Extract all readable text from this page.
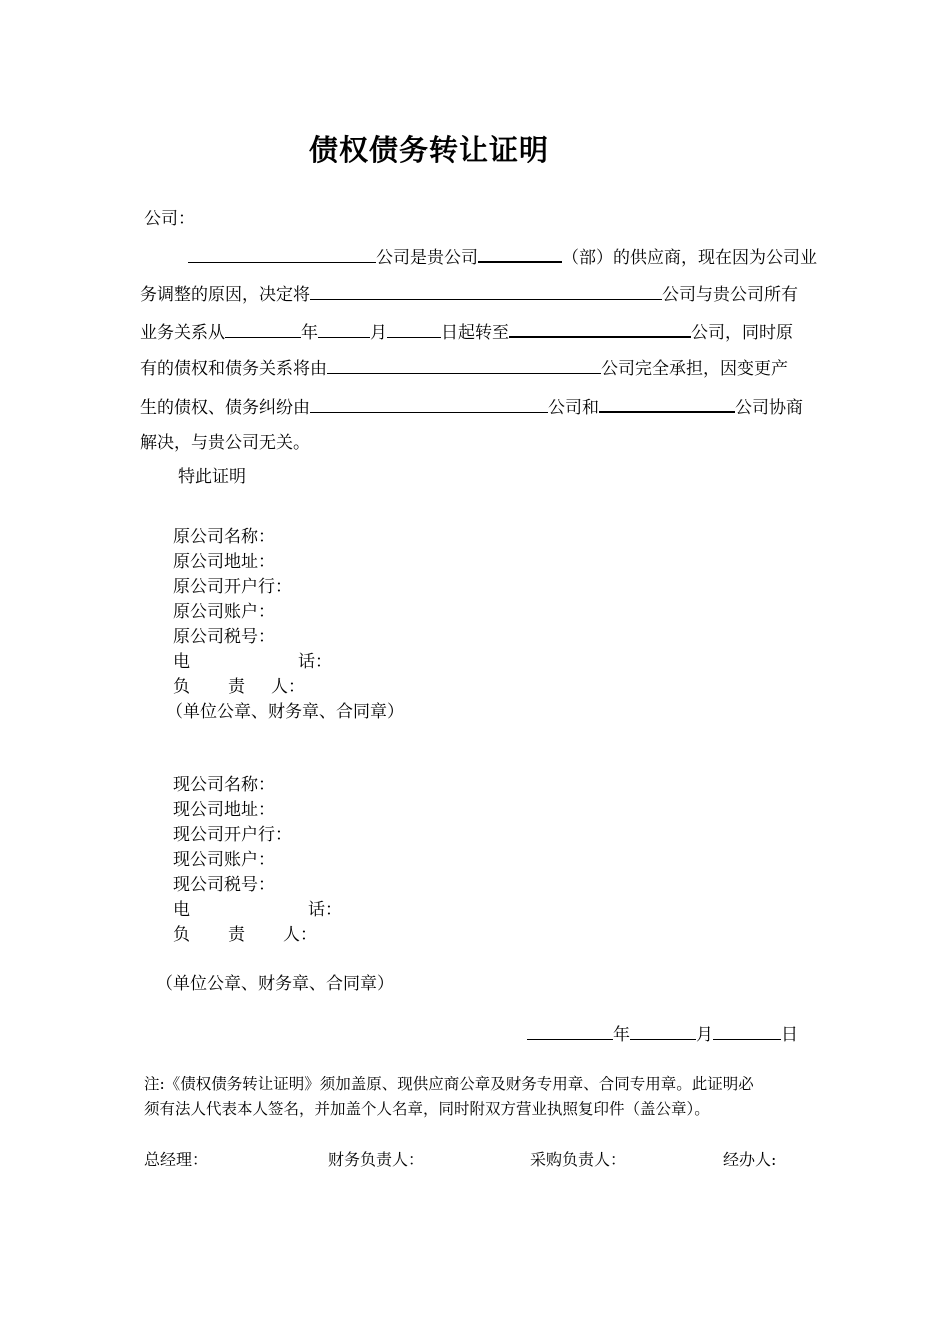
债权债务转让证明
公司：
公司是贵公司	（部）的供应商，现在因为公司业
务调整的原因，决定将	公司与贵公司所有
业务关系从	年	月	日起转至	公司，同时原
有的债权和债务关系将由	公司完全承担，因变更产
生的债权、债务纠纷由	公司和	公司协商
解决，与贵公司无关。
特此证明
原公司名称：
原公司地址：
原公司开户行：
原公司账户：
原公司税号：
电	话：
负 责 人：
（单位公章、财务章、合同章）
现公司名称：
现公司地址：
现公司开户行：
现公司账户：
现公司税号：
电	话：
负 责 人：
（单位公章、财务章、合同章）
年	月	日
注:《债权债务转让证明》须加盖原、现供应商公章及财务专用章、合同专用章。此证明必
须有法人代表本人签名，并加盖个人名章，同时附双方营业执照复印件（盖公章）。
总经理：	财务负责人：	采购负责人：	经办人:
